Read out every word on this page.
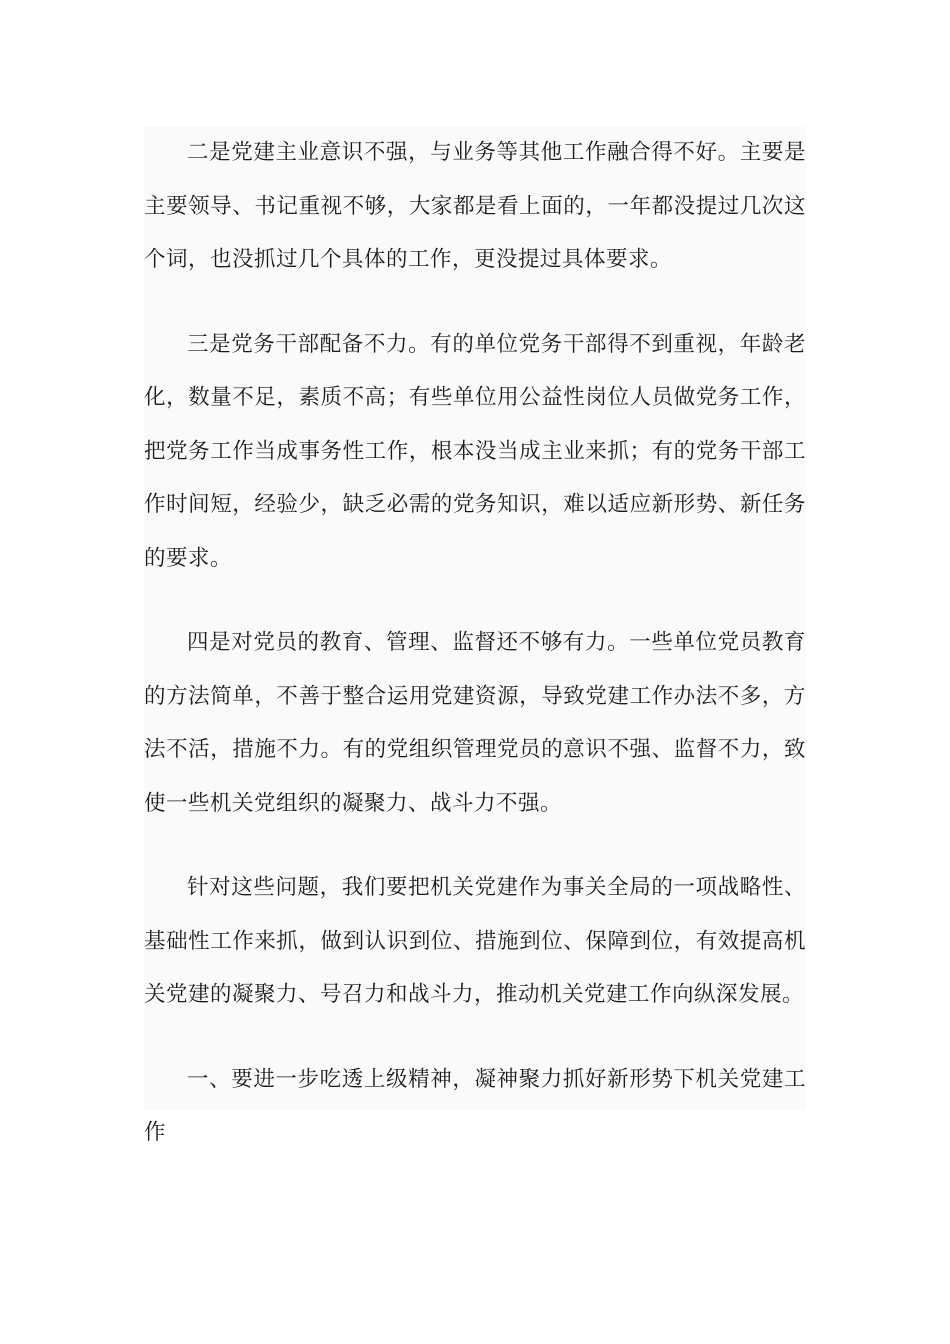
二是党建主业意识不强，与业务等其他工作融合得不好。主要是主要领导、书记重视不够，大家都是看上面的，一年都没提过几次这个词，也没抓过几个具体的工作，更没提过具体要求。

三是党务干部配备不力。有的单位党务干部得不到重视，年龄老化，数量不足，素质不高；有些单位用公益性岗位人员做党务工作，把党务工作当成事务性工作，根本没当成主业来抓；有的党务干部工作时间短，经验少，缺乏必需的党务知识，难以适应新形势、新任务的要求。

四是对党员的教育、管理、监督还不够有力。一些单位党员教育的方法简单，不善于整合运用党建资源，导致党建工作办法不多，方法不活，措施不力。有的党组织管理党员的意识不强、监督不力，致使一些机关党组织的凝聚力、战斗力不强。

针对这些问题，我们要把机关党建作为事关全局的一项战略性、基础性工作来抓，做到认识到位、措施到位、保障到位，有效提高机关党建的凝聚力、号召力和战斗力，推动机关党建工作向纵深发展。

一、要进一步吃透上级精神，凝神聚力抓好新形势下机关党建工作
